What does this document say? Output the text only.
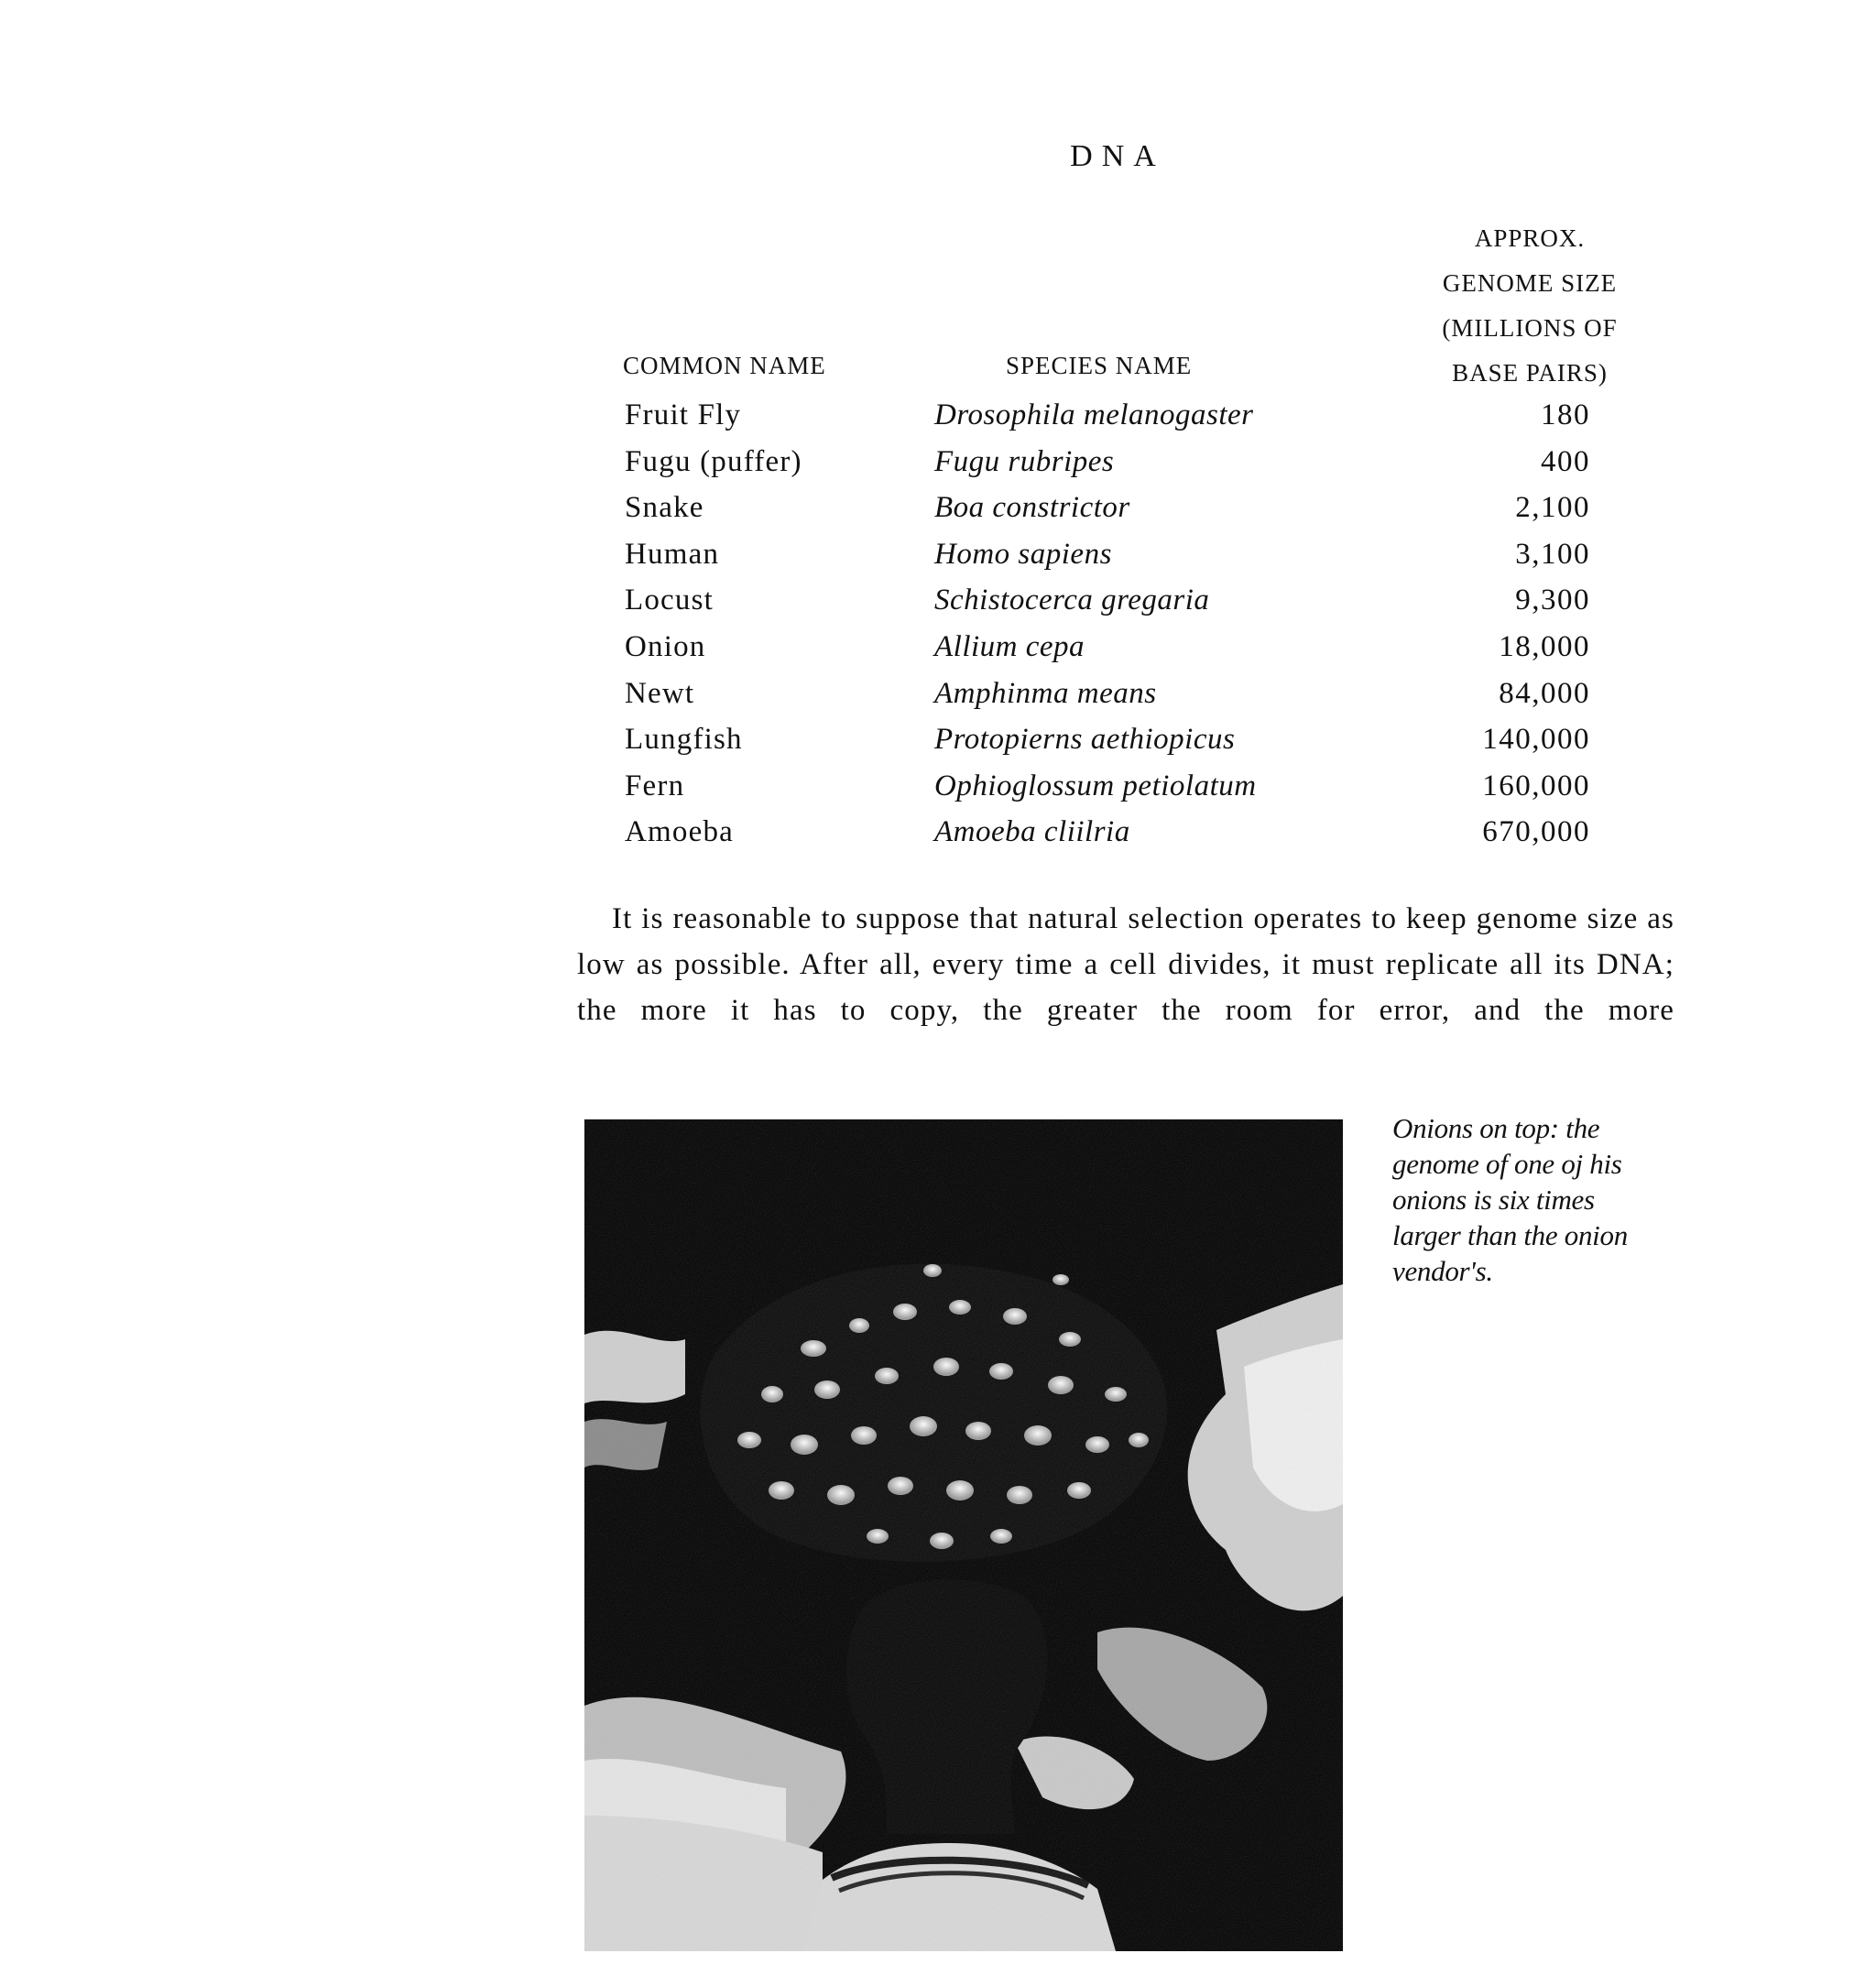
DNA
COMMON NAME	SPECIES NAME
APPROX.
GENOME SIZE
(MILLIONS OF
BASE PAIRS)
Fruit Fly	Drosophila melanogaster	180
Fugu (puffer)	Fugu rubripes	400
Snake	Boa constrictor	2,100
Human	Homo sapiens	3,100
Locust	Schistocerca gregaria	9,300
Onion	Allium cepa	18,000
Newt	Amphinma means	84,000
Lungfish	Protopierns aethiopicus	140,000
Fern	Ophioglossum petiolatum	160,000
Amoeba	Amoeba cliilria	670,000

It is reasonable to suppose that natural selection operates to keep genome size as low as possible. After all, every time a cell divides, it must replicate all its DNA; the more it has to copy, the greater the room for error, and the more

Onions on top: the
genome of one oj his
onions is six times
larger than the onion
vendor's.
